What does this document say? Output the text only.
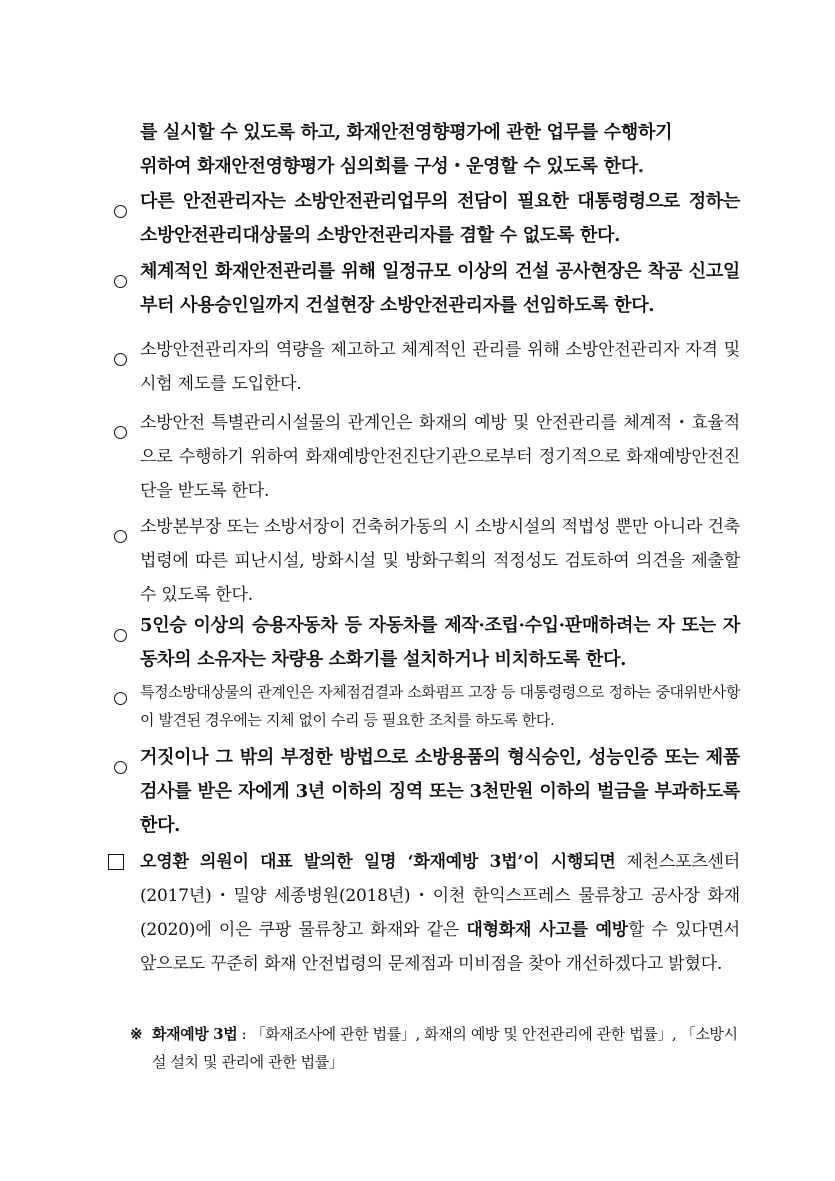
를 실시할 수 있도록 하고, 화재안전영향평가에 관한 업무를 수행하기
위하여 화재안전영향평가 심의회를 구성・운영할 수 있도록 한다.
다른 안전관리자는 소방안전관리업무의 전담이 필요한 대통령령으로 정하는 소방안전관리대상물의 소방안전관리자를 겸할 수 없도록 한다.
체계적인 화재안전관리를 위해 일정규모 이상의 건설 공사현장은 착공 신고일부터 사용승인일까지 건설현장 소방안전관리자를 선임하도록 한다.
소방안전관리자의 역량을 제고하고 체계적인 관리를 위해 소방안전관리자 자격 및 시험 제도를 도입한다.
소방안전 특별관리시설물의 관계인은 화재의 예방 및 안전관리를 체계적・효율적으로 수행하기 위하여 화재예방안전진단기관으로부터 정기적으로 화재예방안전진단을 받도록 한다.
소방본부장 또는 소방서장이 건축허가동의 시 소방시설의 적법성 뿐만 아니라 건축법령에 따른 피난시설, 방화시설 및 방화구획의 적정성도 검토하여 의견을 제출할 수 있도록 한다.
5인승 이상의 승용자동차 등 자동차를 제작·조립·수입·판매하려는 자 또는 자동차의 소유자는 차량용 소화기를 설치하거나 비치하도록 한다.
특정소방대상물의 관계인은 자체점검결과 소화펌프 고장 등 대통령령으로 정하는 중대위반사항이 발견된 경우에는 지체 없이 수리 등 필요한 조치를 하도록 한다.
거짓이나 그 밖의 부정한 방법으로 소방용품의 형식승인, 성능인증 또는 제품검사를 받은 자에게 3년 이하의 징역 또는 3천만원 이하의 벌금을 부과하도록 한다.
오영환 의원이 대표 발의한 일명 ‘화재예방 3법’이 시행되면 제천스포츠센터(2017년)・밀양 세종병원(2018년)・이천 한익스프레스 물류창고 공사장 화재(2020)에 이은 쿠팡 물류창고 화재와 같은 대형화재 사고를 예방할 수 있다면서 앞으로도 꾸준히 화재 안전법령의 문제점과 미비점을 찾아 개선하겠다고 밝혔다.
※ 화재예방 3법 : 「화재조사에 관한 법률」, 화재의 예방 및 안전관리에 관한 법률」, 「소방시설 설치 및 관리에 관한 법률」
